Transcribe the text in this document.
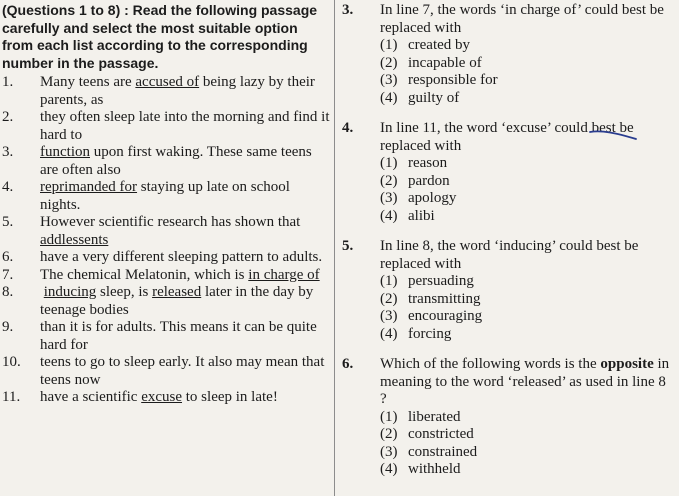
(Questions 1 to 8) : Read the following passage carefully and select the most suitable option from each list according to the corresponding number in the passage.

1.	Many teens are accused of being lazy by their parents, as
2.	they often sleep late into the morning and find it hard to
3.	function upon first waking. These same teens are often also
4.	reprimanded for staying up late on school nights.
5.	However scientific research has shown that addlessents
6.	have a very different sleeping pattern to adults.
7.	The chemical Melatonin, which is in charge of
8.	inducing sleep, is released later in the day by teenage bodies
9.	than it is for adults. This means it can be quite hard for
10.	teens to go to sleep early. It also may mean that teens now
11.	have a scientific excuse to sleep in late!
3.	In line 7, the words ‘in charge of’ could best be replaced with

(1) created by
(2) incapable of
(3) responsible for
(4) guilty of
4.	In line 11, the word ‘excuse’ could best be replaced with

(1) reason
(2) pardon
(3) apology
(4) alibi
5.	In line 8, the word ‘inducing’ could best be replaced with

(1) persuading
(2) transmitting
(3) encouraging
(4) forcing
6.	Which of the following words is the opposite in meaning to the word ‘released’ as used in line 8 ?

(1) liberated
(2) constricted
(3) constrained
(4) withheld
